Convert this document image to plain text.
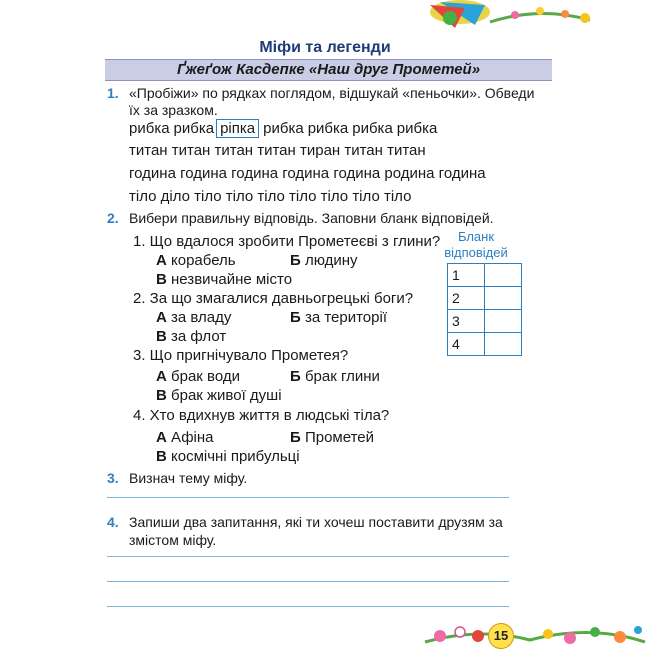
Міфи та легенди
Ґжеґож Касдепке «Наш друг Прометей»
1. «Пробіжи» по рядках поглядом, відшукай «пеньочки». Обведи
їх за зразком.
рибка рибка ріпка рибка рибка рибка рибка
титан титан титан титан тиран титан титан
година година година година година родина година
тіло діло тіло тіло тіло тіло тіло тіло тіло
2. Вибери правильну відповідь. Заповни бланк відповідей.
1. Що вдалося зробити Прометеєві з глини?
А корабель	Б людину
В незвичайне місто
2. За що змагалися давньогрецькі боги?
А за владу	Б за території
В за флот
3. Що пригнічувало Прометея?
А брак води	Б брак глини
В брак живої душі
4. Хто вдихнув життя в людські тіла?
А Афіна	Б Прометей
В космічні прибульці
Бланк
відповідей
1	
2	
3	
4	
3. Визнач тему міфу.
4. Запиши два запитання, які ти хочеш поставити друзям за
змістом міфу.
15
